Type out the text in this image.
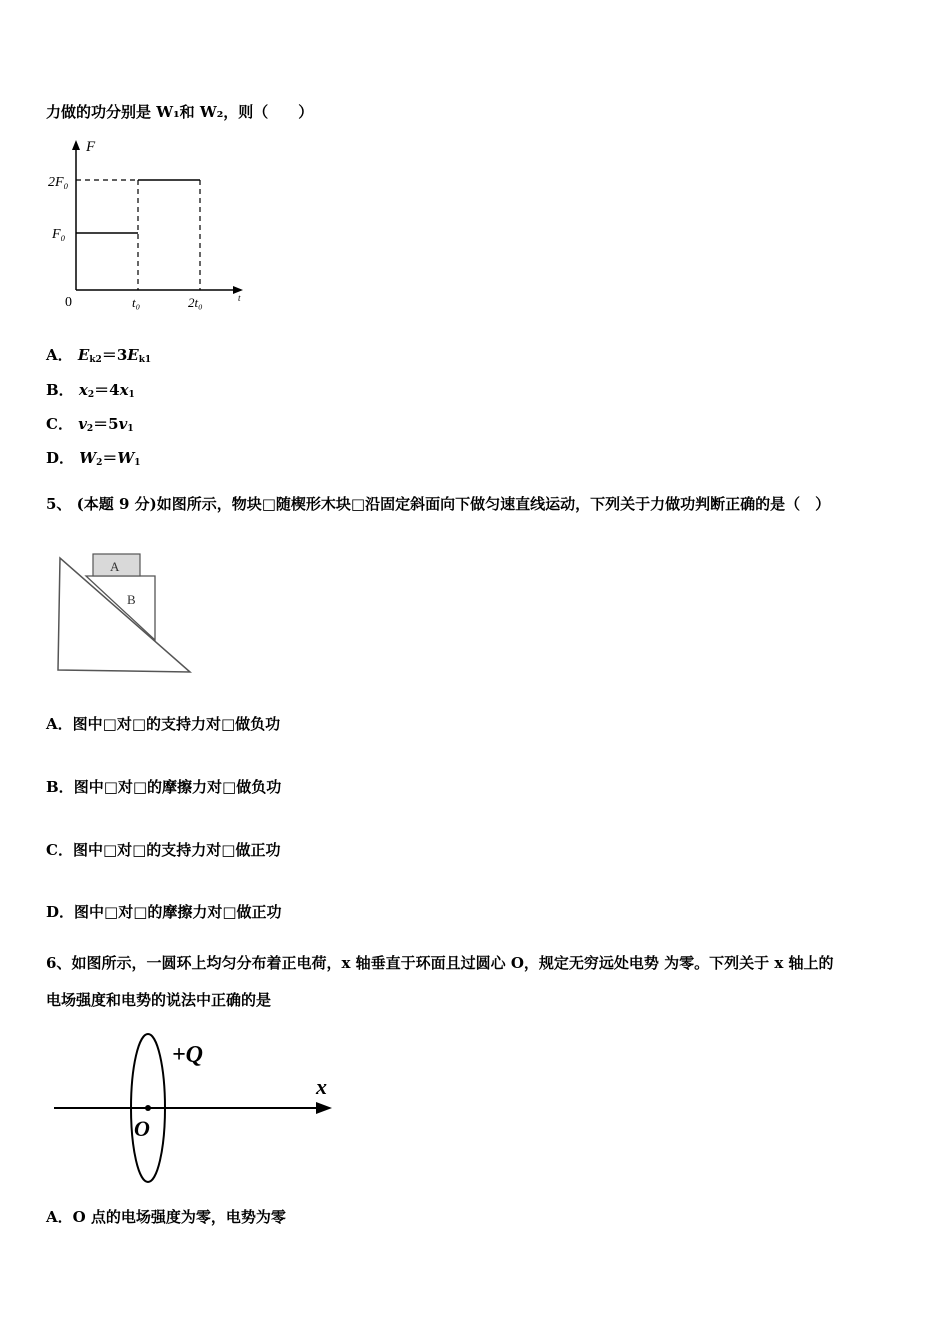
力做的功分别是 W₁和 W₂，则（　　）
F
2F₀
F₀
0	t₀	2t₀	t
A． $E_{k2}=3E_{k1}$
B． $x_2=4x_1$
C． $v_2=5v_1$
D． $W_2=W_1$
5、 (本题 9 分)如图所示，物块□随楔形木块□沿固定斜面向下做匀速直线运动，下列关于力做功判断正确的是（　）
A
B
A．图中□对□的支持力对□做负功
B．图中□对□的摩擦力对□做负功
C．图中□对□的支持力对□做正功
D．图中□对□的摩擦力对□做正功
6、如图所示，一圆环上均匀分布着正电荷，x 轴垂直于环面且过圆心 O，规定无穷远处电势 为零。下列关于 x 轴上的
电场强度和电势的说法中正确的是
+Q
x
O
A．O 点的电场强度为零，电势为零
